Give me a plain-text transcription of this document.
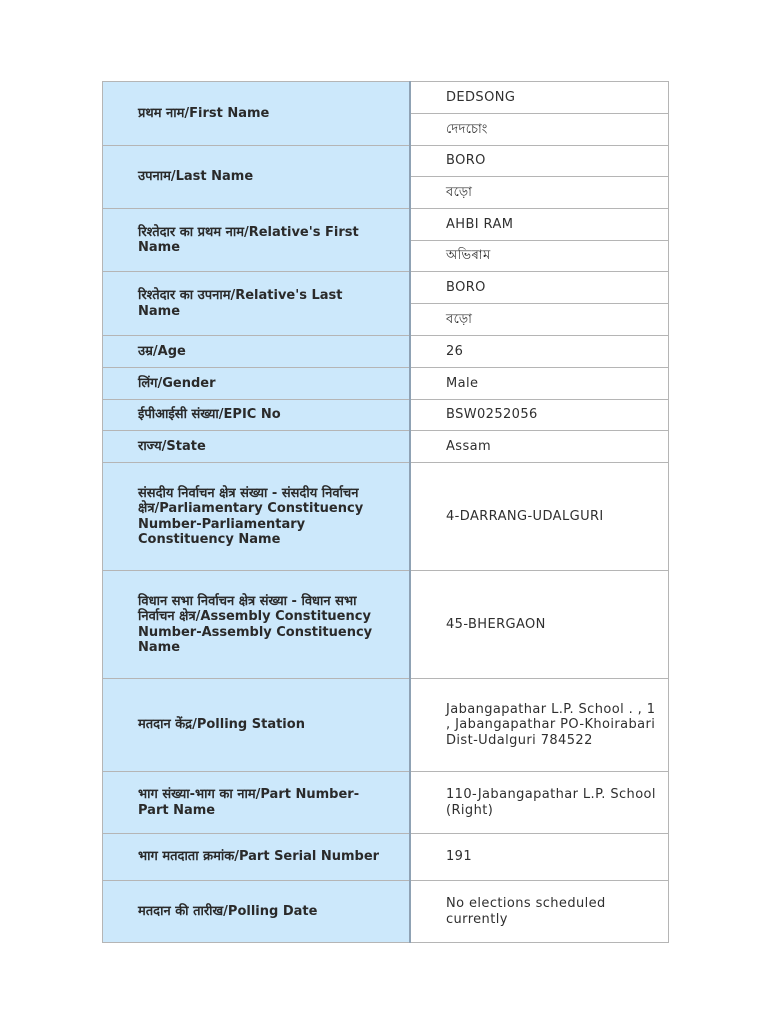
प्रथम नाम/First Name	DEDSONG

	দেদচোং

उपनाम/Last Name	BORO

	বড়ো

रिश्तेदार का प्रथम नाम/Relative's First Name	AHBI RAM

	অভিৰাম

रिश्तेदार का उपनाम/Relative's Last Name	BORO

	বড়ো

उम्र/Age	26

लिंग/Gender	Male

ईपीआईसी संख्या/EPIC No	BSW0252056

राज्य/State	Assam

संसदीय निर्वाचन क्षेत्र संख्या - संसदीय निर्वाचन क्षेत्र/Parliamentary Constituency Number-Parliamentary Constituency Name	4-DARRANG-UDALGURI

विधान सभा निर्वाचन क्षेत्र संख्या - विधान सभा निर्वाचन क्षेत्र/Assembly Constituency Number-Assembly Constituency Name	45-BHERGAON

मतदान केंद्र/Polling Station	Jabangapathar L.P. School . , 1 , Jabangapathar PO-Khoirabari Dist-Udalguri 784522

भाग संख्या-भाग का नाम/Part Number-Part Name	110-Jabangapathar L.P. School (Right)

भाग मतदाता क्रमांक/Part Serial Number	191

मतदान की तारीख/Polling Date	No elections scheduled currently
